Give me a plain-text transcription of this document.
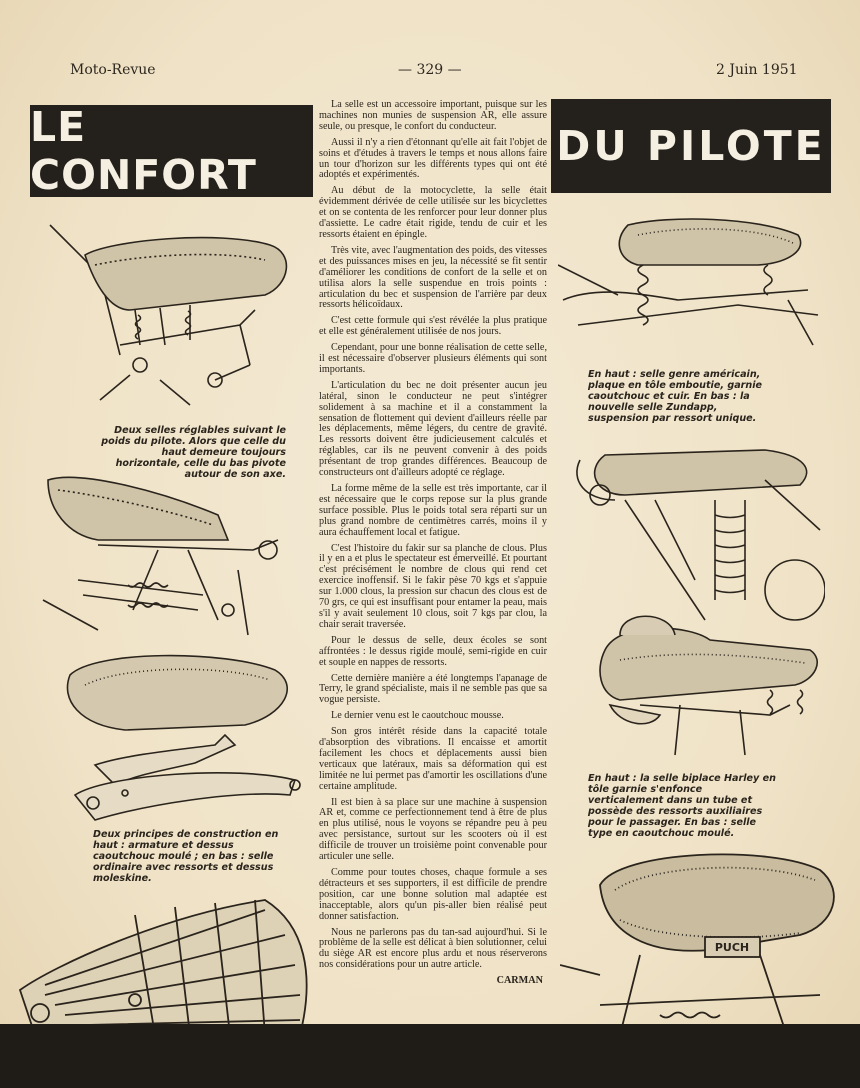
Moto-Revue	— 329 —	2 Juin 1951
LE CONFORT
DU PILOTE
Deux selles réglables suivant le poids du pilote. Alors que celle du haut demeure toujours horizontale, celle du bas pivote autour de son axe.
Deux principes de construction en haut : armature et dessus caoutchouc moulé ; en bas : selle ordinaire avec ressorts et dessus moleskine.
En haut : selle genre américain, plaque en tôle emboutie, garnie caoutchouc et cuir. En bas : la nouvelle selle Zundapp, suspension par ressort unique.
En haut : la selle biplace Harley en tôle garnie s'enfonce verticalement dans un tube et possède des ressorts auxiliaires pour le passager. En bas : selle type en caoutchouc moulé.
PUCH

La selle est un accessoire important, puisque sur les machines non munies de suspension AR, elle assure seule, ou presque, le confort du conducteur.

Aussi il n'y a rien d'étonnant qu'elle ait fait l'objet de soins et d'études à travers le temps et nous allons faire un tour d'horizon sur les différents types qui ont été adoptés et expérimentés.

Au début de la motocyclette, la selle était évidemment dérivée de celle utilisée sur les bicyclettes et on se contenta de les renforcer pour leur donner plus d'assiette. Le cadre était rigide, tendu de cuir et les ressorts étaient en épingle.

Très vite, avec l'augmentation des poids, des vitesses et des puissances mises en jeu, la nécessité se fit sentir d'améliorer les conditions de confort de la selle et on utilisa alors la selle suspendue en trois points : articulation du bec et suspension de l'arrière par deux ressorts hélicoïdaux.

C'est cette formule qui s'est révélée la plus pratique et elle est généralement utilisée de nos jours.

Cependant, pour une bonne réalisation de cette selle, il est nécessaire d'observer plusieurs éléments qui sont importants.

L'articulation du bec ne doit présenter aucun jeu latéral, sinon le conducteur ne peut s'intégrer solidement à sa machine et il a constamment la sensation de flottement qui devient d'ailleurs réelle par les déplacements, même légers, du centre de gravité. Les ressorts doivent être judicieusement calculés et réglables, car ils ne peuvent convenir à des poids présentant de trop grandes différences. Beaucoup de constructeurs ont d'ailleurs adopté ce réglage.

La forme même de la selle est très importante, car il est nécessaire que le corps repose sur la plus grande surface possible. Plus le poids total sera réparti sur un plus grand nombre de centimètres carrés, moins il y aura échauffement local et fatigue.

C'est l'histoire du fakir sur sa planche de clous. Plus il y en a et plus le spectateur est émerveillé. Et pourtant c'est précisément le nombre de clous qui rend cet exercice inoffensif. Si le fakir pèse 70 kgs et s'appuie sur 1.000 clous, la pression sur chacun des clous est de 70 grs, ce qui est insuffisant pour entamer la peau, mais s'il y avait seulement 10 clous, soit 7 kgs par clou, la chair serait traversée.

Pour le dessus de selle, deux écoles se sont affrontées : le dessus rigide moulé, semi-rigide en cuir et souple en nappes de ressorts.

Cette dernière manière a été longtemps l'apanage de Terry, le grand spécialiste, mais il ne semble pas que sa vogue persiste.

Le dernier venu est le caoutchouc mousse.

Son gros intérêt réside dans la capacité totale d'absorption des vibrations. Il encaisse et amortit facilement les chocs et déplacements aussi bien verticaux que latéraux, mais sa déformation qui est limitée ne lui permet pas d'amortir les oscillations d'une certaine amplitude.

Il est bien à sa place sur une machine à suspension AR et, comme ce perfectionnement tend à être de plus en plus utilisé, nous le voyons se répandre peu à peu avec persistance, surtout sur les scooters où il est difficile de trouver un troisième point convenable pour articuler une selle.

Comme pour toutes choses, chaque formule a ses détracteurs et ses supporters, il est difficile de prendre position, car une bonne solution mal adaptée est inacceptable, alors qu'un pis-aller bien réalisé peut donner satisfaction.

Nous ne parlerons pas du tan-sad aujourd'hui. Si le problème de la selle est délicat à bien solutionner, celui du siège AR est encore plus ardu et nous réserverons nos considérations pour un autre article.

CARMAN
